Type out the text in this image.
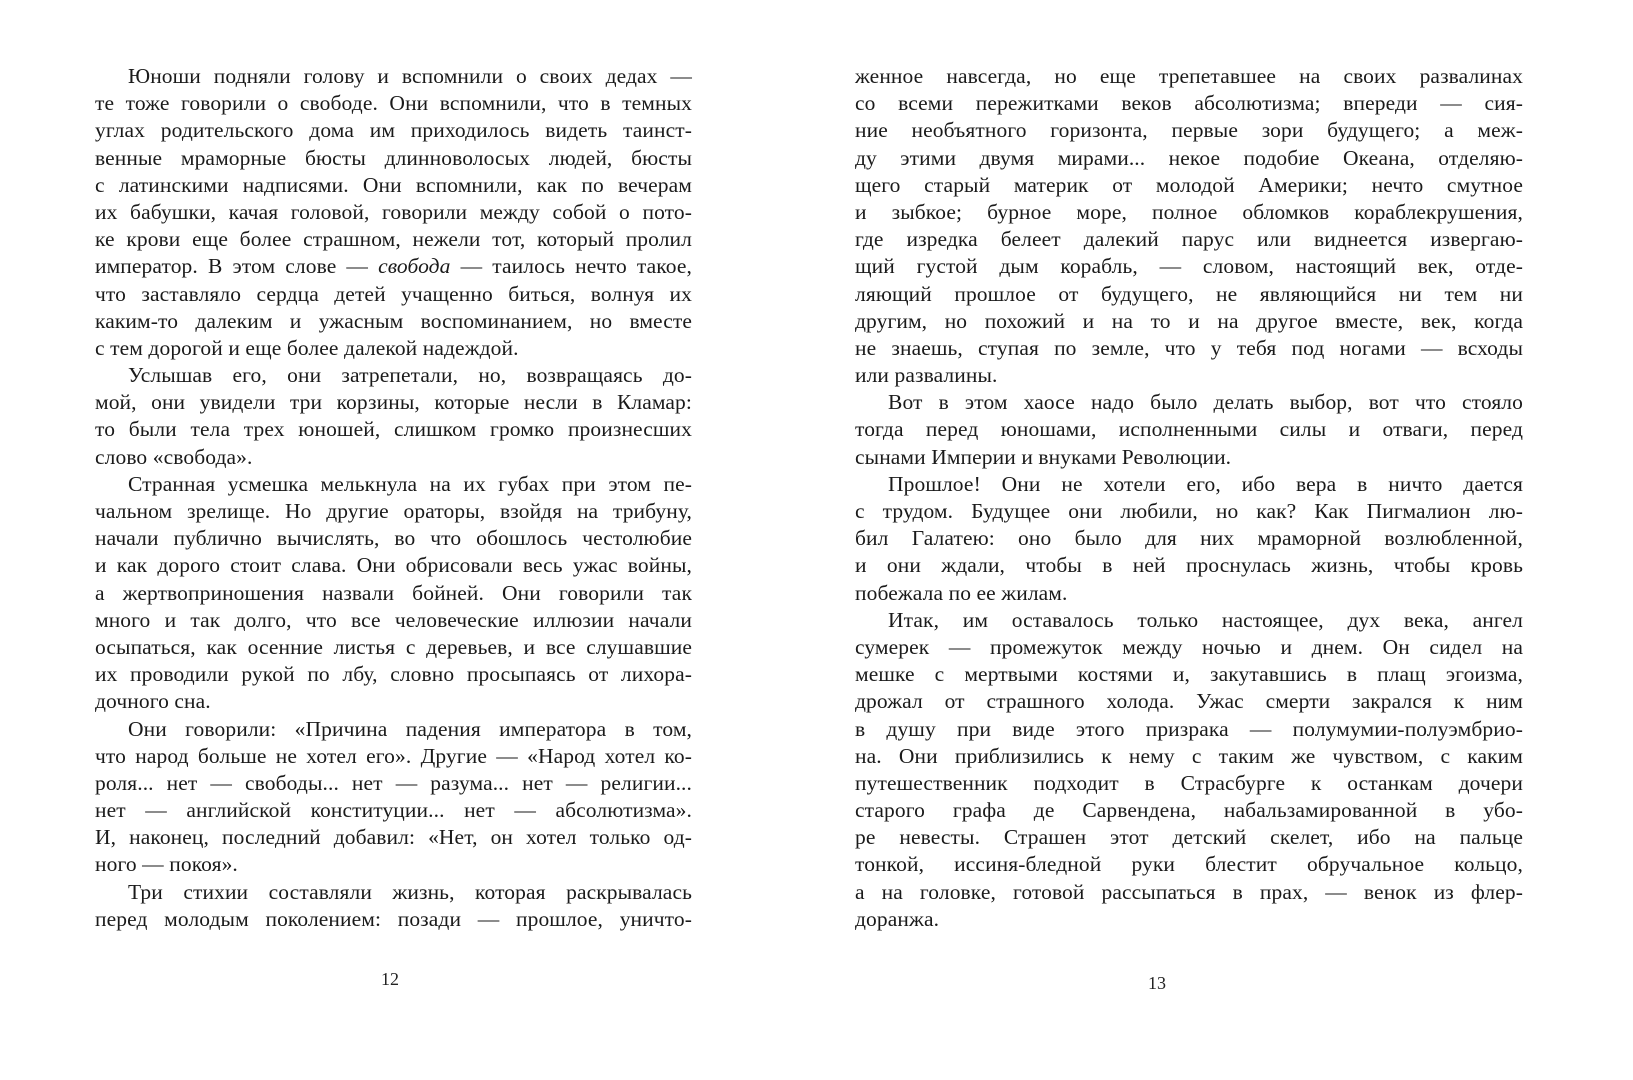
Юноши подняли голову и вспомнили о своих дедах —
те тоже говорили о свободе. Они вспомнили, что в темных
углах родительского дома им приходилось видеть таинст-
венные мраморные бюсты длинноволосых людей, бюсты
с латинскими надписями. Они вспомнили, как по вечерам
их бабушки, качая головой, говорили между собой о пото-
ке крови еще более страшном, нежели тот, который пролил
император. В этом слове — свобода — таилось нечто такое,
что заставляло сердца детей учащенно биться, волнуя их
каким-то далеким и ужасным воспоминанием, но вместе
с тем дорогой и еще более далекой надеждой.
Услышав его, они затрепетали, но, возвращаясь до-
мой, они увидели три корзины, которые несли в Кламар:
то были тела трех юношей, слишком громко произнесших
слово «свобода».
Странная усмешка мелькнула на их губах при этом пе-
чальном зрелище. Но другие ораторы, взойдя на трибуну,
начали публично вычислять, во что обошлось честолюбие
и как дорого стоит слава. Они обрисовали весь ужас войны,
а жертвоприношения назвали бойней. Они говорили так
много и так долго, что все человеческие иллюзии начали
осыпаться, как осенние листья с деревьев, и все слушавшие
их проводили рукой по лбу, словно просыпаясь от лихора-
дочного сна.
Они говорили: «Причина падения императора в том,
что народ больше не хотел его». Другие — «Народ хотел ко-
роля... нет — свободы... нет — разума... нет — религии...
нет — английской конституции... нет — абсолютизма».
И, наконец, последний добавил: «Нет, он хотел только од-
ного — покоя».
Три стихии составляли жизнь, которая раскрывалась
перед молодым поколением: позади — прошлое, уничто-
12
женное навсегда, но еще трепетавшее на своих развалинах
со всеми пережитками веков абсолютизма; впереди — сия-
ние необъятного горизонта, первые зори будущего; а меж-
ду этими двумя мирами... некое подобие Океана, отделяю-
щего старый материк от молодой Америки; нечто смутное
и зыбкое; бурное море, полное обломков кораблекрушения,
где изредка белеет далекий парус или виднеется извергаю-
щий густой дым корабль, — словом, настоящий век, отде-
ляющий прошлое от будущего, не являющийся ни тем ни
другим, но похожий и на то и на другое вместе, век, когда
не знаешь, ступая по земле, что у тебя под ногами — всходы
или развалины.
Вот в этом хаосе надо было делать выбор, вот что стояло
тогда перед юношами, исполненными силы и отваги, перед
сынами Империи и внуками Революции.
Прошлое! Они не хотели его, ибо вера в ничто дается
с трудом. Будущее они любили, но как? Как Пигмалион лю-
бил Галатею: оно было для них мраморной возлюбленной,
и они ждали, чтобы в ней проснулась жизнь, чтобы кровь
побежала по ее жилам.
Итак, им оставалось только настоящее, дух века, ангел
сумерек — промежуток между ночью и днем. Он сидел на
мешке с мертвыми костями и, закутавшись в плащ эгоизма,
дрожал от страшного холода. Ужас смерти закрался к ним
в душу при виде этого призрака — полумумии-полуэмбрио-
на. Они приблизились к нему с таким же чувством, с каким
путешественник подходит в Страсбурге к останкам дочери
старого графа де Сарвендена, набальзамированной в убо-
ре невесты. Страшен этот детский скелет, ибо на пальце
тонкой, иссиня-бледной руки блестит обручальное кольцо,
а на головке, готовой рассыпаться в прах, — венок из флер-
доранжа.
13
